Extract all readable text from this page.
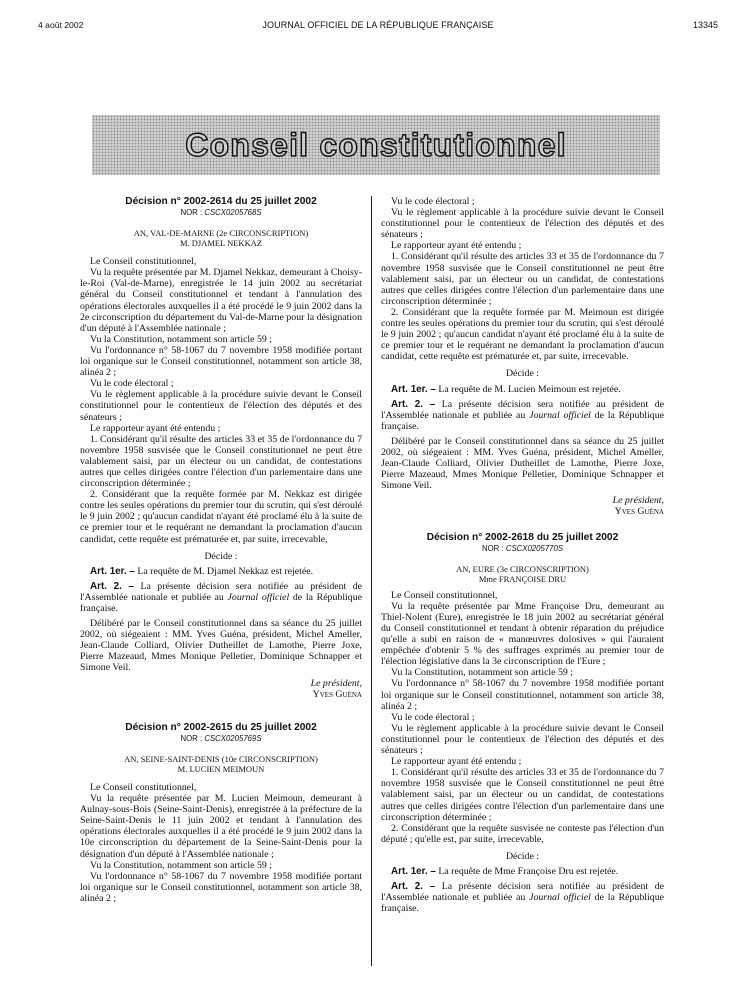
4 août 2002	JOURNAL OFFICIEL DE LA RÉPUBLIQUE FRANÇAISE	13345
Conseil constitutionnel

Décision n° 2002-2614 du 25 juillet 2002

NOR : CSCX0205768S

AN, VAL-DE-MARNE (2e CIRCONSCRIPTION)

M. DJAMEL NEKKAZ

Le Conseil constitutionnel,

Vu la requête présentée par M. Djamel Nekkaz, demeurant à Choisy-le-Roi (Val-de-Marne), enregistrée le 14 juin 2002 au secrétariat général du Conseil constitutionnel et tendant à l'annulation des opérations électorales auxquelles il a été procédé le 9 juin 2002 dans la 2e circonscription du département du Val-de-Marne pour la désignation d'un député à l'Assemblée nationale ;

Vu la Constitution, notamment son article 59 ;

Vu l'ordonnance n° 58-1067 du 7 novembre 1958 modifiée portant loi organique sur le Conseil constitutionnel, notamment son article 38, alinéa 2 ;

Vu le code électoral ;

Vu le règlement applicable à la procédure suivie devant le Conseil constitutionnel pour le contentieux de l'élection des députés et des sénateurs ;

Le rapporteur ayant été entendu ;

1. Considérant qu'il résulte des articles 33 et 35 de l'ordonnance du 7 novembre 1958 susvisée que le Conseil constitutionnel ne peut être valablement saisi, par un électeur ou un candidat, de contestations autres que celles dirigées contre l'élection d'un parlementaire dans une circonscription déterminée ;

2. Considérant que la requête formée par M. Nekkaz est dirigée contre les seules opérations du premier tour du scrutin, qui s'est déroulé le 9 juin 2002 ; qu'aucun candidat n'ayant été proclamé élu à la suite de ce premier tour et le requérant ne demandant la proclamation d'aucun candidat, cette requête est prématurée et, par suite, irrecevable,

Décide :

Art. 1er. – La requête de M. Djamel Nekkaz est rejetée.

Art. 2. – La présente décision sera notifiée au président de l'Assemblée nationale et publiée au Journal officiel de la République française.

Délibéré par le Conseil constitutionnel dans sa séance du 25 juillet 2002, où siégeaient : MM. Yves Guéna, président, Michel Ameller, Jean-Claude Colliard, Olivier Dutheillet de Lamothe, Pierre Joxe, Pierre Mazeaud, Mmes Monique Pelletier, Dominique Schnapper et Simone Veil.

Le président,

Yves Guéna

Décision n° 2002-2615 du 25 juillet 2002

NOR : CSCX0205769S

AN, SEINE-SAINT-DENIS (10e CIRCONSCRIPTION)

M. LUCIEN MEIMOUN

Le Conseil constitutionnel,

Vu la requête présentée par M. Lucien Meimoun, demeurant à Aulnay-sous-Bois (Seine-Saint-Denis), enregistrée à la préfecture de la Seine-Saint-Denis le 11 juin 2002 et tendant à l'annulation des opérations électorales auxquelles il a été procédé le 9 juin 2002 dans la 10e circonscription du département de la Seine-Saint-Denis pour la désignation d'un député à l'Assemblée nationale ;

Vu la Constitution, notamment son article 59 ;

Vu l'ordonnance n° 58-1067 du 7 novembre 1958 modifiée portant loi organique sur le Conseil constitutionnel, notamment son article 38, alinéa 2 ;

Vu le code électoral ;

Vu le règlement applicable à la procédure suivie devant le Conseil constitutionnel pour le contentieux de l'élection des députés et des sénateurs ;

Le rapporteur ayant été entendu ;

1. Considérant qu'il résulte des articles 33 et 35 de l'ordonnance du 7 novembre 1958 susvisée que le Conseil constitutionnel ne peut être valablement saisi, par un électeur ou un candidat, de contestations autres que celles dirigées contre l'élection d'un parlementaire dans une circonscription déterminée ;

2. Considérant que la requête formée par M. Meimoun est dirigée contre les seules opérations du premier tour du scrutin, qui s'est déroulé le 9 juin 2002 ; qu'aucun candidat n'ayant été proclamé élu à la suite de ce premier tour et le requérant ne demandant la proclamation d'aucun candidat, cette requête est prématurée et, par suite, irrecevable.

Décide :

Art. 1er. – La requête de M. Lucien Meimoun est rejetée.

Art. 2. – La présente décision sera notifiée au président de l'Assemblée nationale et publiée au Journal officiel de la République française.

Délibéré par le Conseil constitutionnel dans sa séance du 25 juillet 2002, où siégeaient : MM. Yves Guéna, président, Michel Ameller, Jean-Claude Colliard, Olivier Dutheillet de Lamothe, Pierre Joxe, Pierre Mazeaud, Mmes Monique Pelletier, Dominique Schnapper et Simone Veil.

Le président,

Yves Guéna

Décision n° 2002-2618 du 25 juillet 2002

NOR : CSCX0205770S

AN, EURE (3e CIRCONSCRIPTION)

Mme FRANÇOISE DRU

Le Conseil constitutionnel,

Vu la requête présentée par Mme Françoise Dru, demeurant au Thiel-Nolent (Eure), enregistrée le 18 juin 2002 au secrétariat général du Conseil constitutionnel et tendant à obtenir réparation du préjudice qu'elle a subi en raison de « manœuvres dolosives » qui l'auraient empêchée d'obtenir 5 % des suffrages exprimés au premier tour de l'élection législative dans la 3e circonscription de l'Eure ;

Vu la Constitution, notamment son article 59 ;

Vu l'ordonnance n° 58-1067 du 7 novembre 1958 modifiée portant loi organique sur le Conseil constitutionnel, notamment son article 38, alinéa 2 ;

Vu le code électoral ;

Vu le règlement applicable à la procédure suivie devant le Conseil constitutionnel pour le contentieux de l'élection des députés et des sénateurs ;

Le rapporteur ayant été entendu ;

1. Considérant qu'il résulte des articles 33 et 35 de l'ordonnance du 7 novembre 1958 susvisée que le Conseil constitutionnel ne peut être valablement saisi, par un électeur ou un candidat, de contestations autres que celles dirigées contre l'élection d'un parlementaire dans une circonscription déterminée ;

2. Considérant que la requête susvisée ne conteste pas l'élection d'un député ; qu'elle est, par suite, irrecevable,

Décide :

Art. 1er. – La requête de Mme Françoise Dru est rejetée.

Art. 2. – La présente décision sera notifiée au président de l'Assemblée nationale et publiée au Journal officiel de la République française.
